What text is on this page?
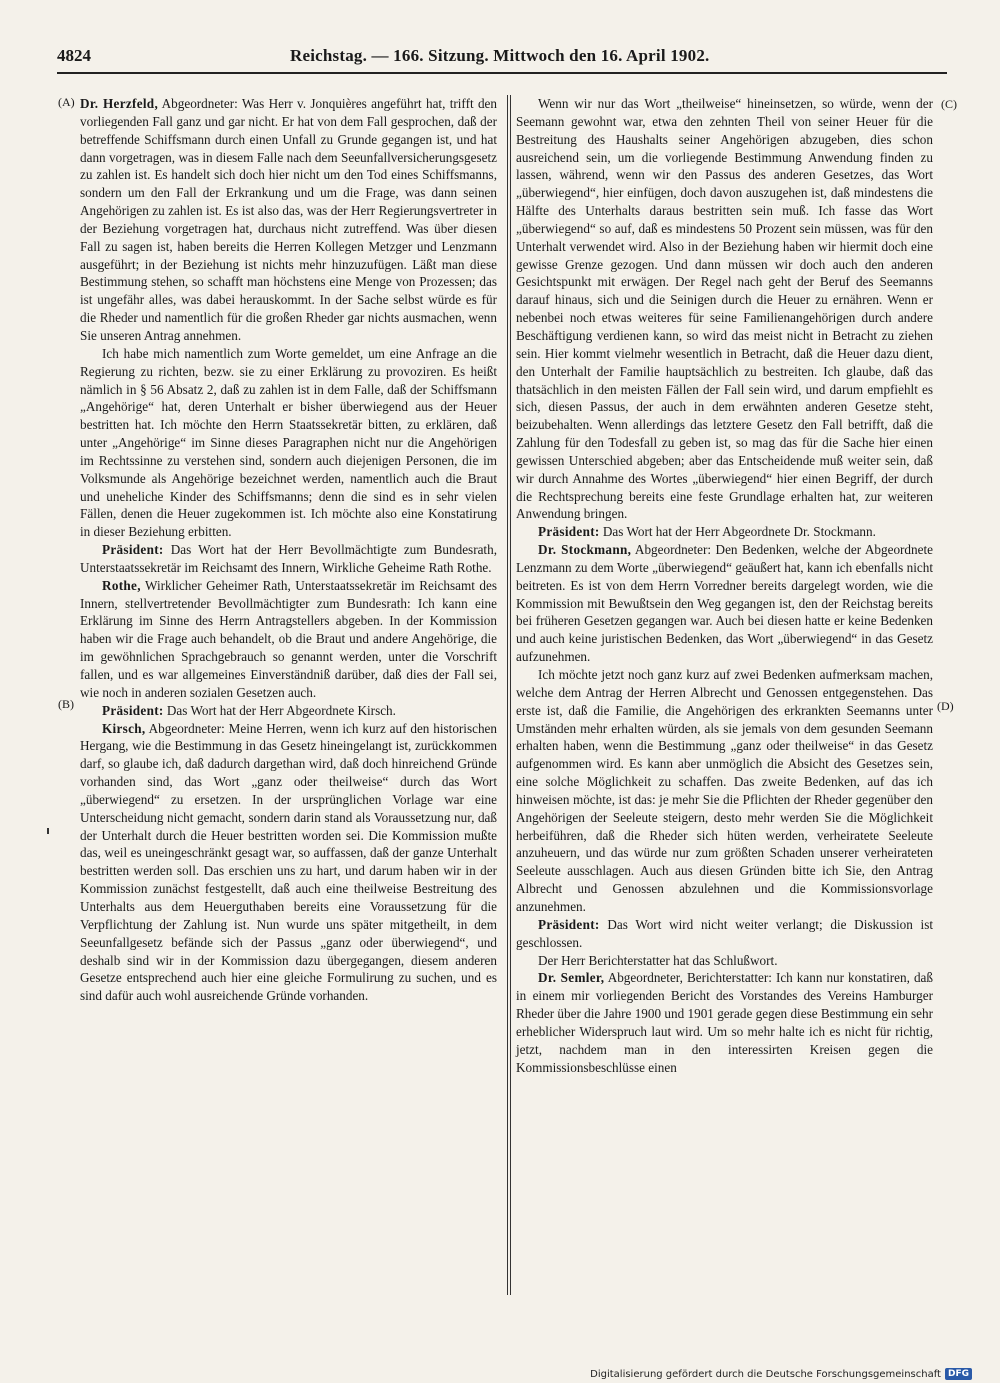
4824	Reichstag. — 166. Sitzung. Mittwoch den 16. April 1902.
(A)
(B)
(C)
(D)

Dr. Herzfeld, Abgeordneter: Was Herr v. Jonquières angeführt hat, trifft den vorliegenden Fall ganz und gar nicht. Er hat von dem Fall gesprochen, daß der betreffende Schiffsmann durch einen Unfall zu Grunde gegangen ist, und hat dann vorgetragen, was in diesem Falle nach dem Seeunfallversicherungsgesetz zu zahlen ist. Es handelt sich doch hier nicht um den Tod eines Schiffsmanns, sondern um den Fall der Erkrankung und um die Frage, was dann seinen Angehörigen zu zahlen ist. Es ist also das, was der Herr Regierungsvertreter in der Beziehung vorgetragen hat, durchaus nicht zutreffend. Was über diesen Fall zu sagen ist, haben bereits die Herren Kollegen Metzger und Lenzmann ausgeführt; in der Beziehung ist nichts mehr hinzuzufügen. Läßt man diese Bestimmung stehen, so schafft man höchstens eine Menge von Prozessen; das ist ungefähr alles, was dabei herauskommt. In der Sache selbst würde es für die Rheder und namentlich für die großen Rheder gar nichts ausmachen, wenn Sie unseren Antrag annehmen.

Ich habe mich namentlich zum Worte gemeldet, um eine Anfrage an die Regierung zu richten, bezw. sie zu einer Erklärung zu provoziren. Es heißt nämlich in § 56 Absatz 2, daß zu zahlen ist in dem Falle, daß der Schiffsmann „Angehörige“ hat, deren Unterhalt er bisher überwiegend aus der Heuer bestritten hat. Ich möchte den Herrn Staatssekretär bitten, zu erklären, daß unter „Angehörige“ im Sinne dieses Paragraphen nicht nur die Angehörigen im Rechtssinne zu verstehen sind, sondern auch diejenigen Personen, die im Volksmunde als Angehörige bezeichnet werden, namentlich auch die Braut und uneheliche Kinder des Schiffsmanns; denn die sind es in sehr vielen Fällen, denen die Heuer zugekommen ist. Ich möchte also eine Konstatirung in dieser Beziehung erbitten.

Präsident: Das Wort hat der Herr Bevollmächtigte zum Bundesrath, Unterstaatssekretär im Reichsamt des Innern, Wirkliche Geheime Rath Rothe.

Rothe, Wirklicher Geheimer Rath, Unterstaatssekretär im Reichsamt des Innern, stellvertretender Bevollmächtigter zum Bundesrath: Ich kann eine Erklärung im Sinne des Herrn Antragstellers abgeben. In der Kommission haben wir die Frage auch behandelt, ob die Braut und andere Angehörige, die im gewöhnlichen Sprachgebrauch so genannt werden, unter die Vorschrift fallen, und es war allgemeines Einverständniß darüber, daß dies der Fall sei, wie noch in anderen sozialen Gesetzen auch.

Präsident: Das Wort hat der Herr Abgeordnete Kirsch.

Kirsch, Abgeordneter: Meine Herren, wenn ich kurz auf den historischen Hergang, wie die Bestimmung in das Gesetz hineingelangt ist, zurückkommen darf, so glaube ich, daß dadurch dargethan wird, daß doch hinreichend Gründe vorhanden sind, das Wort „ganz oder theilweise“ durch das Wort „überwiegend“ zu ersetzen. In der ursprünglichen Vorlage war eine Unterscheidung nicht gemacht, sondern darin stand als Voraussetzung nur, daß der Unterhalt durch die Heuer bestritten worden sei. Die Kommission mußte das, weil es uneingeschränkt gesagt war, so auffassen, daß der ganze Unterhalt bestritten werden soll. Das erschien uns zu hart, und darum haben wir in der Kommission zunächst festgestellt, daß auch eine theilweise Bestreitung des Unterhalts aus dem Heuerguthaben bereits eine Voraussetzung für die Verpflichtung der Zahlung ist. Nun wurde uns später mitgetheilt, in dem Seeunfallgesetz befände sich der Passus „ganz oder überwiegend“, und deshalb sind wir in der Kommission dazu übergegangen, diesem anderen Gesetze entsprechend auch hier eine gleiche Formulirung zu suchen, und es sind dafür auch wohl ausreichende Gründe vorhanden.

Wenn wir nur das Wort „theilweise“ hineinsetzen, so würde, wenn der Seemann gewohnt war, etwa den zehnten Theil von seiner Heuer für die Bestreitung des Haushalts seiner Angehörigen abzugeben, dies schon ausreichend sein, um die vorliegende Bestimmung Anwendung finden zu lassen, während, wenn wir den Passus des anderen Gesetzes, das Wort „überwiegend“, hier einfügen, doch davon auszugehen ist, daß mindestens die Hälfte des Unterhalts daraus bestritten sein muß. Ich fasse das Wort „überwiegend“ so auf, daß es mindestens 50 Prozent sein müssen, was für den Unterhalt verwendet wird. Also in der Beziehung haben wir hiermit doch eine gewisse Grenze gezogen. Und dann müssen wir doch auch den anderen Gesichtspunkt mit erwägen. Der Regel nach geht der Beruf des Seemanns darauf hinaus, sich und die Seinigen durch die Heuer zu ernähren. Wenn er nebenbei noch etwas weiteres für seine Familienangehörigen durch andere Beschäftigung verdienen kann, so wird das meist nicht in Betracht zu ziehen sein. Hier kommt vielmehr wesentlich in Betracht, daß die Heuer dazu dient, den Unterhalt der Familie hauptsächlich zu bestreiten. Ich glaube, daß das thatsächlich in den meisten Fällen der Fall sein wird, und darum empfiehlt es sich, diesen Passus, der auch in dem erwähnten anderen Gesetze steht, beizubehalten. Wenn allerdings das letztere Gesetz den Fall betrifft, daß die Zahlung für den Todesfall zu geben ist, so mag das für die Sache hier einen gewissen Unterschied abgeben; aber das Entscheidende muß weiter sein, daß wir durch Annahme des Wortes „überwiegend“ hier einen Begriff, der durch die Rechtsprechung bereits eine feste Grundlage erhalten hat, zur weiteren Anwendung bringen.

Präsident: Das Wort hat der Herr Abgeordnete Dr. Stockmann.

Dr. Stockmann, Abgeordneter: Den Bedenken, welche der Abgeordnete Lenzmann zu dem Worte „überwiegend“ geäußert hat, kann ich ebenfalls nicht beitreten. Es ist von dem Herrn Vorredner bereits dargelegt worden, wie die Kommission mit Bewußtsein den Weg gegangen ist, den der Reichstag bereits bei früheren Gesetzen gegangen war. Auch bei diesen hatte er keine Bedenken und auch keine juristischen Bedenken, das Wort „überwiegend“ in das Gesetz aufzunehmen.

Ich möchte jetzt noch ganz kurz auf zwei Bedenken aufmerksam machen, welche dem Antrag der Herren Albrecht und Genossen entgegenstehen. Das erste ist, daß die Familie, die Angehörigen des erkrankten Seemanns unter Umständen mehr erhalten würden, als sie jemals von dem gesunden Seemann erhalten haben, wenn die Bestimmung „ganz oder theilweise“ in das Gesetz aufgenommen wird. Es kann aber unmöglich die Absicht des Gesetzes sein, eine solche Möglichkeit zu schaffen. Das zweite Bedenken, auf das ich hinweisen möchte, ist das: je mehr Sie die Pflichten der Rheder gegenüber den Angehörigen der Seeleute steigern, desto mehr werden Sie die Möglichkeit herbeiführen, daß die Rheder sich hüten werden, verheiratete Seeleute anzuheuern, und das würde nur zum größten Schaden unserer verheirateten Seeleute ausschlagen. Auch aus diesen Gründen bitte ich Sie, den Antrag Albrecht und Genossen abzulehnen und die Kommissionsvorlage anzunehmen.

Präsident: Das Wort wird nicht weiter verlangt; die Diskussion ist geschlossen.

Der Herr Berichterstatter hat das Schlußwort.

Dr. Semler, Abgeordneter, Berichterstatter: Ich kann nur konstatiren, daß in einem mir vorliegenden Bericht des Vorstandes des Vereins Hamburger Rheder über die Jahre 1900 und 1901 gerade gegen diese Bestimmung ein sehr erheblicher Widerspruch laut wird. Um so mehr halte ich es nicht für richtig, jetzt, nachdem man in den interessirten Kreisen gegen die Kommissionsbeschlüsse einen

Digitalisierung gefördert durch die Deutsche Forschungsgemeinschaft DFG
